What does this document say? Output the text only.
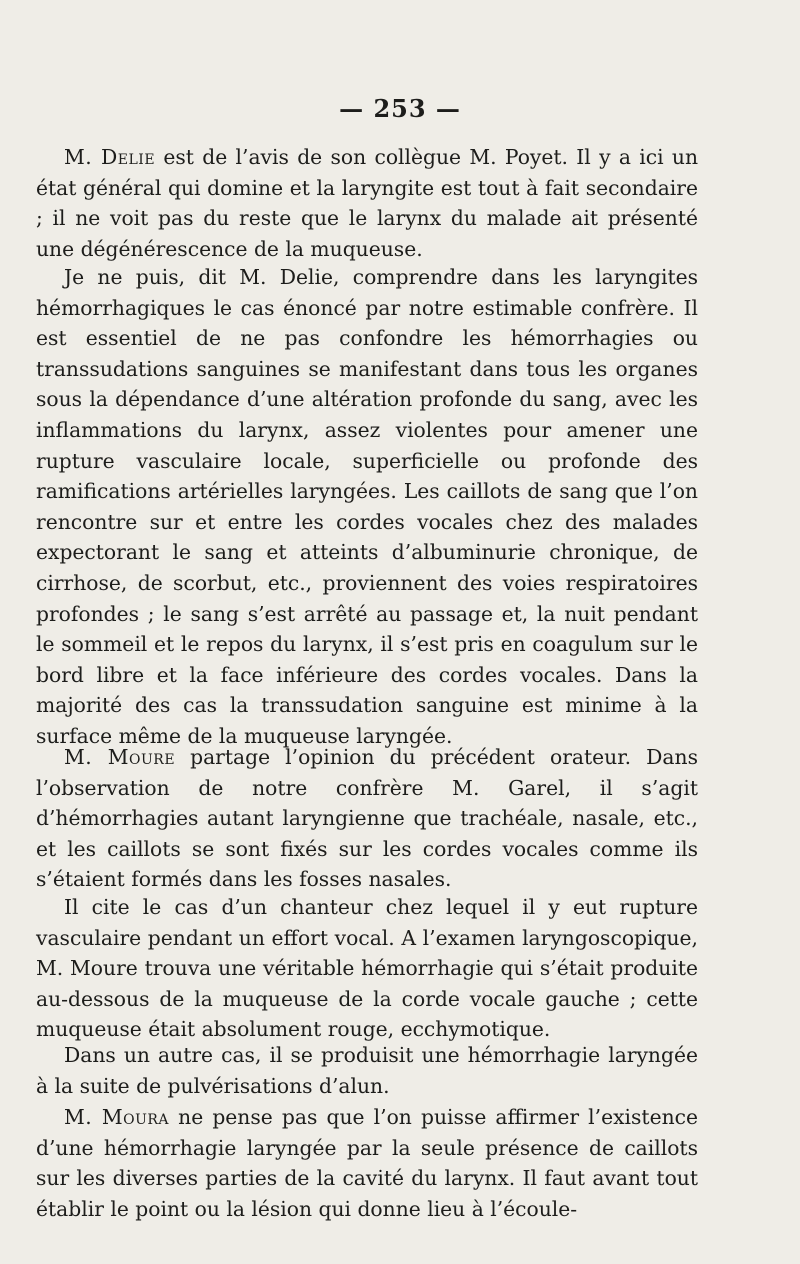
— 253 —

M. Delie est de l’avis de son collègue M. Poyet. Il y a ici un état général qui domine et la laryngite est tout à fait secondaire ; il ne voit pas du reste que le larynx du malade ait présenté une dégénérescence de la muqueuse.

Je ne puis, dit M. Delie, comprendre dans les laryngites hémorrhagiques le cas énoncé par notre estimable confrère. Il est essentiel de ne pas confondre les hémorrhagies ou transsudations sanguines se manifestant dans tous les organes sous la dépendance d’une altération profonde du sang, avec les inflammations du larynx, assez violentes pour amener une rupture vasculaire locale, superficielle ou profonde des ramifications artérielles laryngées. Les caillots de sang que l’on rencontre sur et entre les cordes vocales chez des malades expectorant le sang et atteints d’albuminurie chronique, de cirrhose, de scorbut, etc., proviennent des voies respiratoires profondes ; le sang s’est arrêté au passage et, la nuit pendant le sommeil et le repos du larynx, il s’est pris en coagulum sur le bord libre et la face inférieure des cordes vocales. Dans la majorité des cas la transsudation sanguine est minime à la surface même de la muqueuse laryngée.

M. Moure partage l’opinion du précédent orateur. Dans l’observation de notre confrère M. Garel, il s’agit d’hémorrhagies autant laryngienne que trachéale, nasale, etc., et les caillots se sont fixés sur les cordes vocales comme ils s’étaient formés dans les fosses nasales.

Il cite le cas d’un chanteur chez lequel il y eut rupture vasculaire pendant un effort vocal. A l’examen laryngoscopique, M. Moure trouva une véritable hémorrhagie qui s’était produite au-dessous de la muqueuse de la corde vocale gauche ; cette muqueuse était absolument rouge, ecchymotique.

Dans un autre cas, il se produisit une hémorrhagie laryngée à la suite de pulvérisations d’alun.

M. Moura ne pense pas que l’on puisse affirmer l’existence d’une hémorrhagie laryngée par la seule présence de caillots sur les diverses parties de la cavité du larynx. Il faut avant tout établir le point ou la lésion qui donne lieu à l’écoule-
